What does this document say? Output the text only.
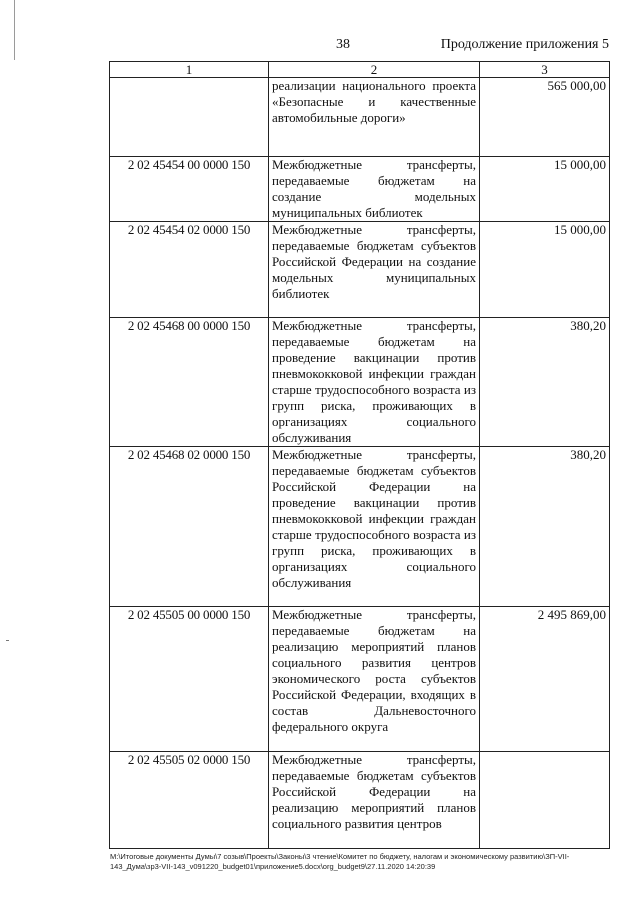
38	Продолжение приложения 5
1	2	3
	реализации национального проекта «Безопасные и качественные автомобильные дороги»	565 000,00
2 02 45454 00 0000 150	Межбюджетные трансферты, передаваемые бюджетам на создание модельных муниципальных библиотек	15 000,00
2 02 45454 02 0000 150	Межбюджетные трансферты, передаваемые бюджетам субъектов Российской Федерации на создание модельных муниципальных библиотек	15 000,00
2 02 45468 00 0000 150	Межбюджетные трансферты, передаваемые бюджетам на проведение вакцинации против пневмококковой инфекции граждан старше трудоспособного возраста из групп риска, проживающих в организациях социального обслуживания	380,20
2 02 45468 02 0000 150	Межбюджетные трансферты, передаваемые бюджетам субъектов Российской Федерации на проведение вакцинации против пневмококковой инфекции граждан старше трудоспособного возраста из групп риска, проживающих в организациях социального обслуживания	380,20
2 02 45505 00 0000 150	Межбюджетные трансферты, передаваемые бюджетам на реализацию мероприятий планов социального развития центров экономического роста субъектов Российской Федерации, входящих в состав Дальневосточного федерального округа	2 495 869,00
2 02 45505 02 0000 150	Межбюджетные трансферты, передаваемые бюджетам субъектов Российской Федерации на реализацию мероприятий планов социального развития центров	
M:\Итоговые документы Думы\7 созыв\Проекты\Законы\3 чтение\Комитет по бюджету, налогам и экономическому развитию\ЗП-VII-143_Дума\зр3-VII-143_v091220_budget01\приложение5.docx\org_budget9\27.11.2020 14:20:39
